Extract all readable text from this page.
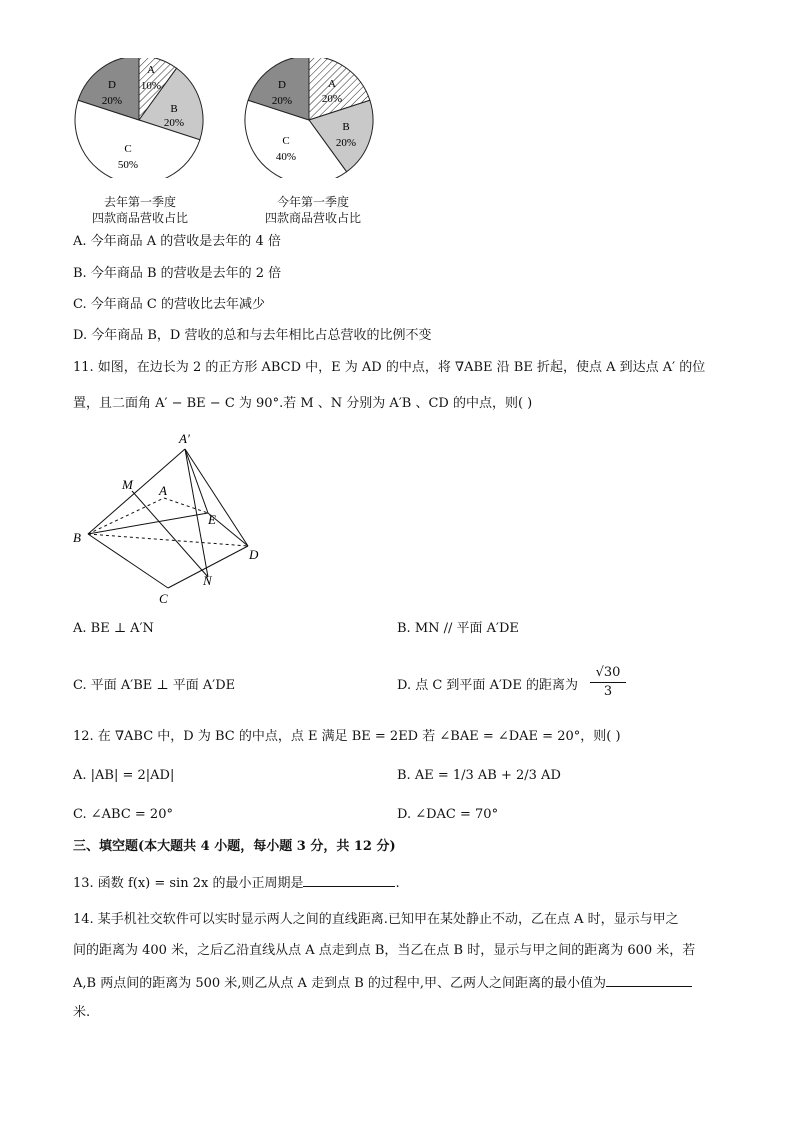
A
10%
B
20%
C
50%
D
20%
去年第一季度
四款商品营收占比
A
20%
B
20%
C
40%
D
20%
今年第一季度
四款商品营收占比
A. 今年商品 A 的营收是去年的 4 倍
B. 今年商品 B 的营收是去年的 2 倍
C. 今年商品 C 的营收比去年减少
D. 今年商品 B，D 营收的总和与去年相比占总营收的比例不变
11. 如图，在边长为 2 的正方形 ABCD 中，E 为 AD 的中点，将 ∇ABE 沿 BE 折起，使点 A 到达点 A′ 的位
置，且二面角 A′ − BE − C 为 90°.若 M 、N 分别为 A′B 、CD 的中点，则( )
A′
A
M
E
B
D
N
C
A. BE ⊥ A′N	B. MN // 平面 A′DE
C. 平面 A′BE ⊥ 平面 A′DE	D. 点 C 到平面 A′DE 的距离为 $\frac{√30}{3}$
12. 在 ∇ABC 中，D 为 BC 的中点，点 E 满足 BE = 2ED 若 ∠BAE = ∠DAE = 20°，则( )
A. |AB| = 2|AD|	B. AE = 1/3 AB + 2/3 AD
C. ∠ABC = 20°	D. ∠DAC = 70°
三、填空题(本大题共 4 小题，每小题 3 分，共 12 分)
13. 函数 f(x) = sin 2x 的最小正周期是	.
14. 某手机社交软件可以实时显示两人之间的直线距离.已知甲在某处静止不动，乙在点 A 时，显示与甲之
间的距离为 400 米，之后乙沿直线从点 A 点走到点 B，当乙在点 B 时，显示与甲之间的距离为 600 米，若
A,B 两点间的距离为 500 米,则乙从点 A 走到点 B 的过程中,甲、乙两人之间距离的最小值为
米.
